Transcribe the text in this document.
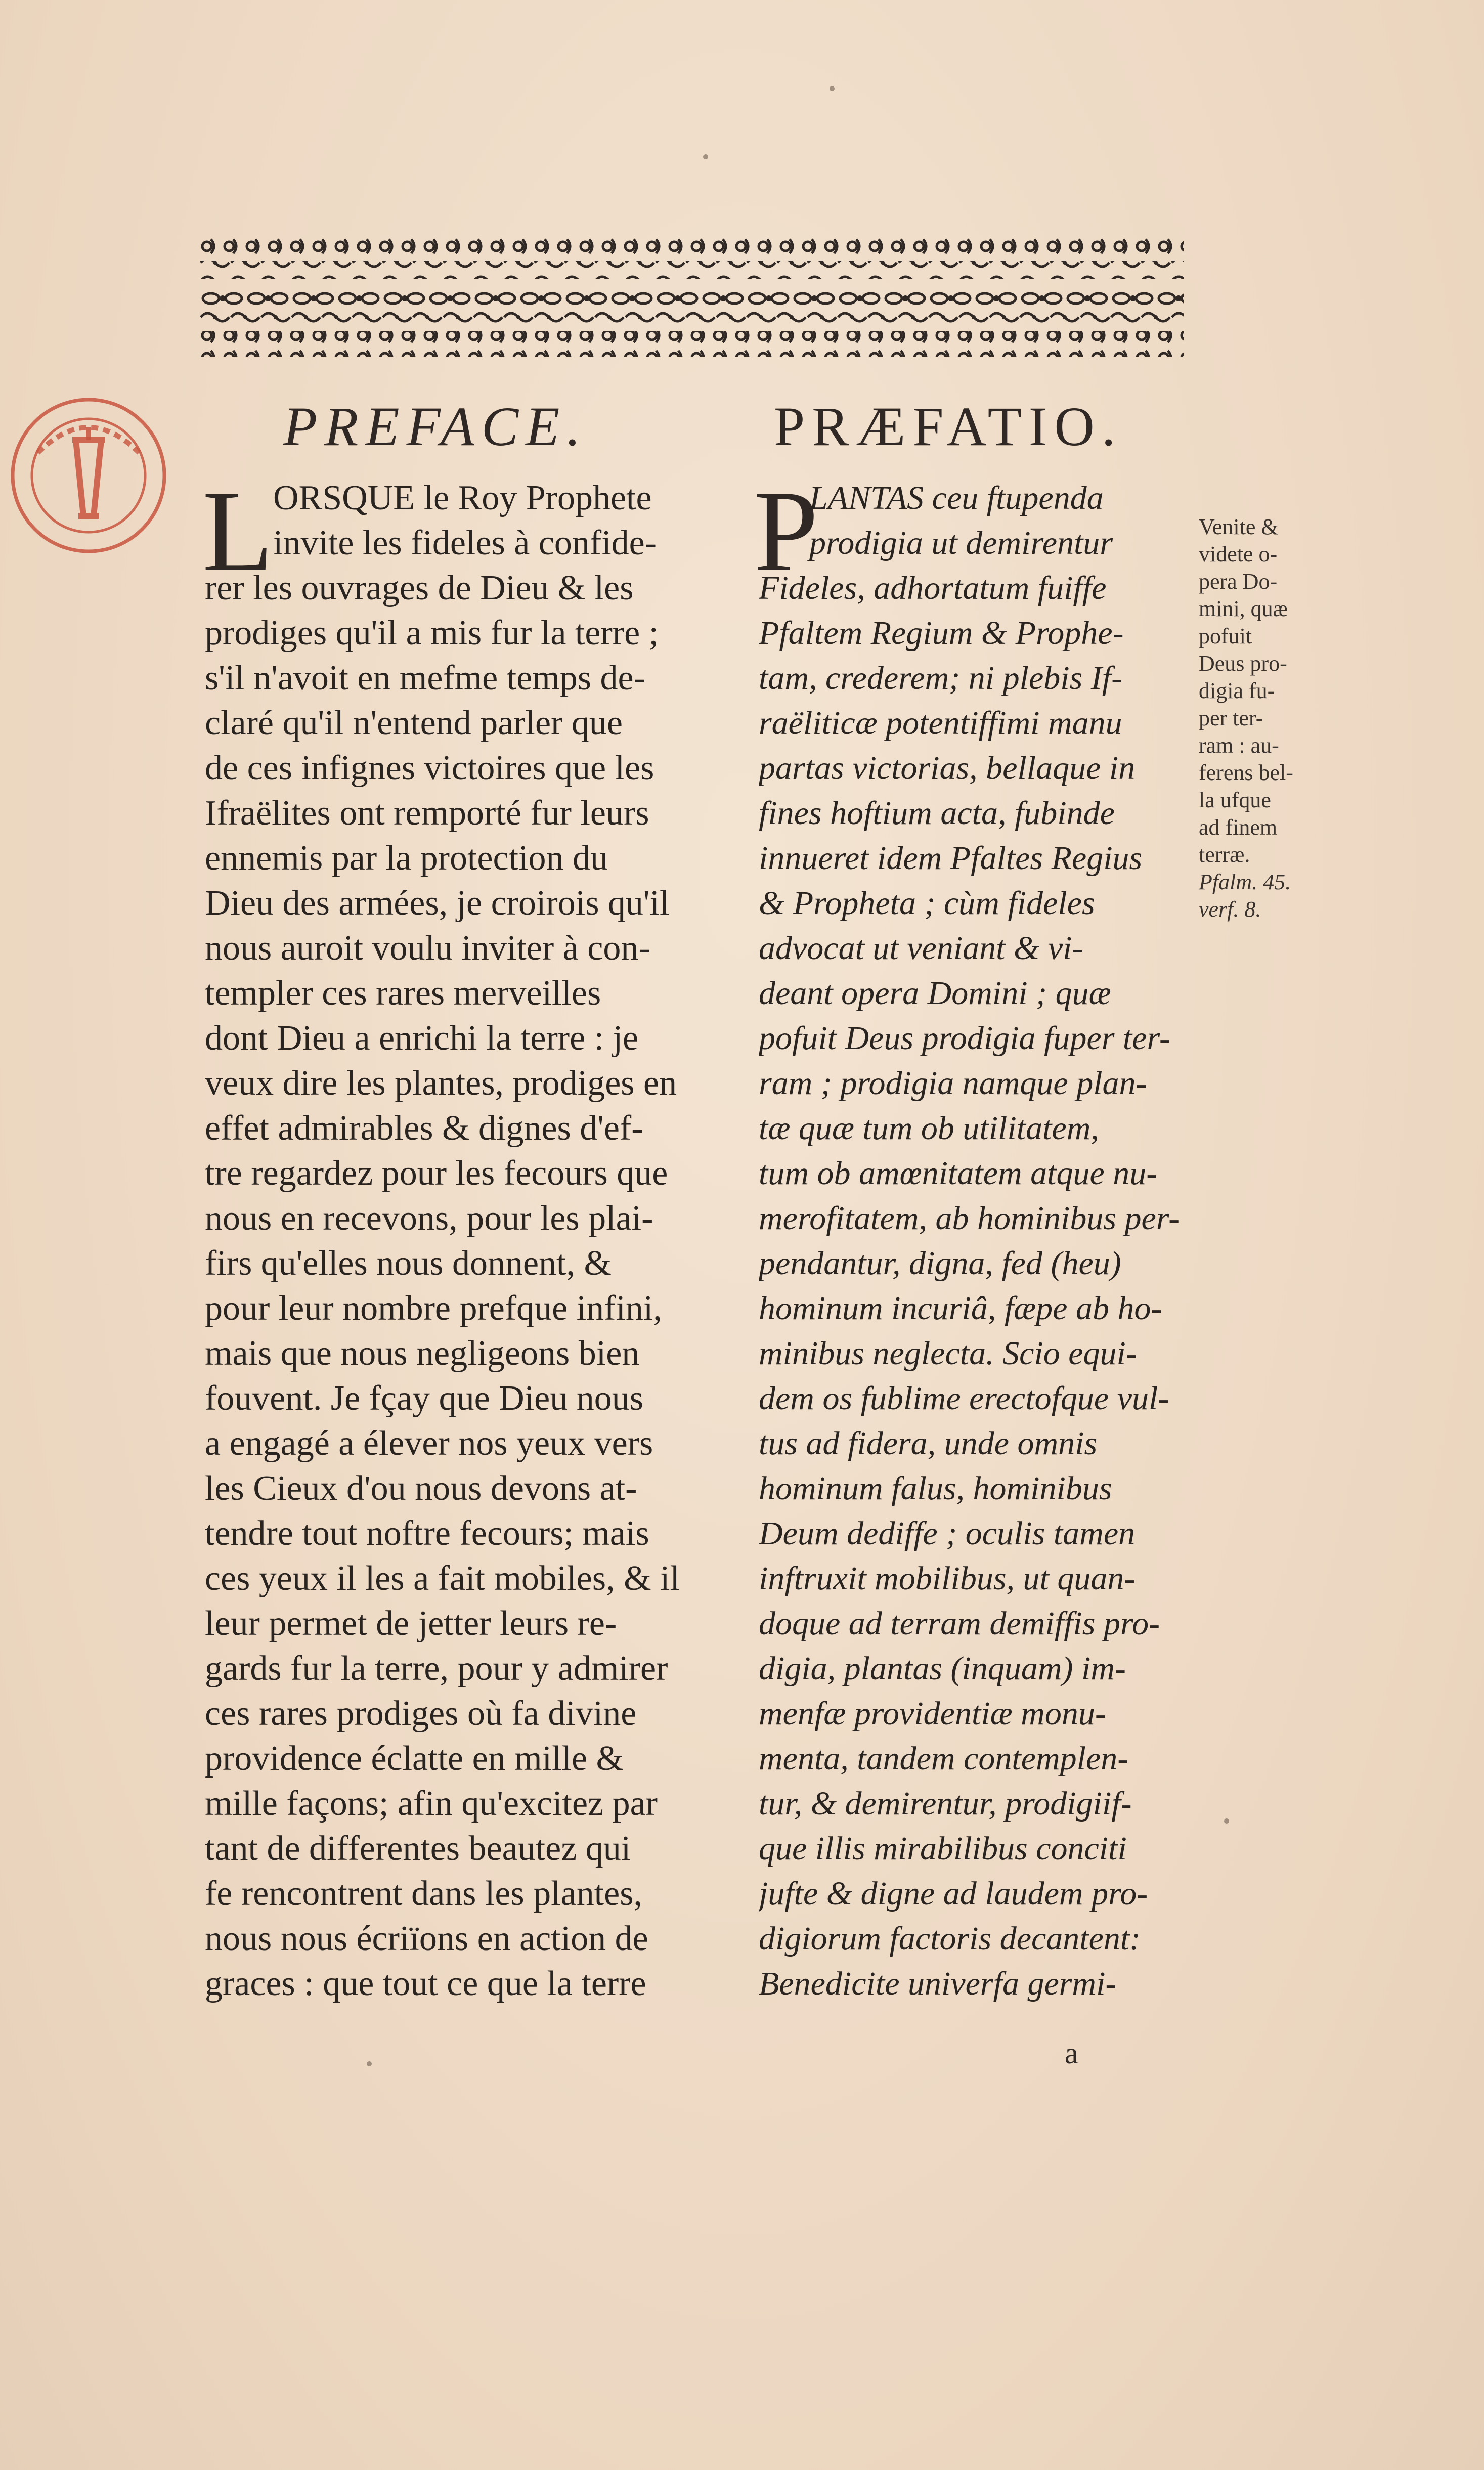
PREFACE.	PRÆFATIO.
L ORSQUE le Roy Prophete
invite les fideles à confide-
rer les ouvrages de Dieu & les
prodiges qu'il a mis fur la terre ;
s'il n'avoit en mefme temps de-
claré qu'il n'entend parler que
de ces infignes victoires que les
Ifraëlites ont remporté fur leurs
ennemis par la protection du
Dieu des armées, je croirois qu'il
nous auroit voulu inviter à con-
templer ces rares merveilles
dont Dieu a enrichi la terre : je
veux dire les plantes, prodiges en
effet admirables & dignes d'ef-
tre regardez pour les fecours que
nous en recevons, pour les plai-
firs qu'elles nous donnent, &
pour leur nombre prefque infini,
mais que nous negligeons bien
fouvent. Je fçay que Dieu nous
a engagé a élever nos yeux vers
les Cieux d'ou nous devons at-
tendre tout noftre fecours; mais
ces yeux il les a fait mobiles, & il
leur permet de jetter leurs re-
gards fur la terre, pour y admirer
ces rares prodiges où fa divine
providence éclatte en mille &
mille façons; afin qu'excitez par
tant de differentes beautez qui
fe rencontrent dans les plantes,
nous nous écriïons en action de
graces : que tout ce que la terre
P
LANTAS ceu ftupenda
prodigia ut demirentur
Fideles, adhortatum fuiffe
Pfaltem Regium & Prophe-
tam, crederem; ni plebis If-
raëliticæ potentiffimi manu
partas victorias, bellaque in
fines hoftium acta, fubinde
innueret idem Pfaltes Regius
& Propheta ; cùm fideles
advocat ut veniant & vi-
deant opera Domini ; quæ
pofuit Deus prodigia fuper ter-
ram ; prodigia namque plan-
tæ quæ tum ob utilitatem,
tum ob amœnitatem atque nu-
merofitatem, ab hominibus per-
pendantur, digna, fed (heu)
hominum incuriâ, fæpe ab ho-
minibus neglecta. Scio equi-
dem os fublime erectofque vul-
tus ad fidera, unde omnis
hominum falus, hominibus
Deum dediffe ; oculis tamen
inftruxit mobilibus, ut quan-
doque ad terram demiffis pro-
digia, plantas (inquam) im-
menfæ providentiæ monu-
menta, tandem contemplen-
tur, & demirentur, prodigiif-
que illis mirabilibus conciti
jufte & digne ad laudem pro-
digiorum factoris decantent:
Benedicite univerfa germi-
Venite &
videte o-
pera Do-
mini, quæ
pofuit
Deus pro-
digia fu-
per ter-
ram : au-
ferens bel-
la ufque
ad finem
terræ.
Pfalm. 45.
verf. 8.
a
